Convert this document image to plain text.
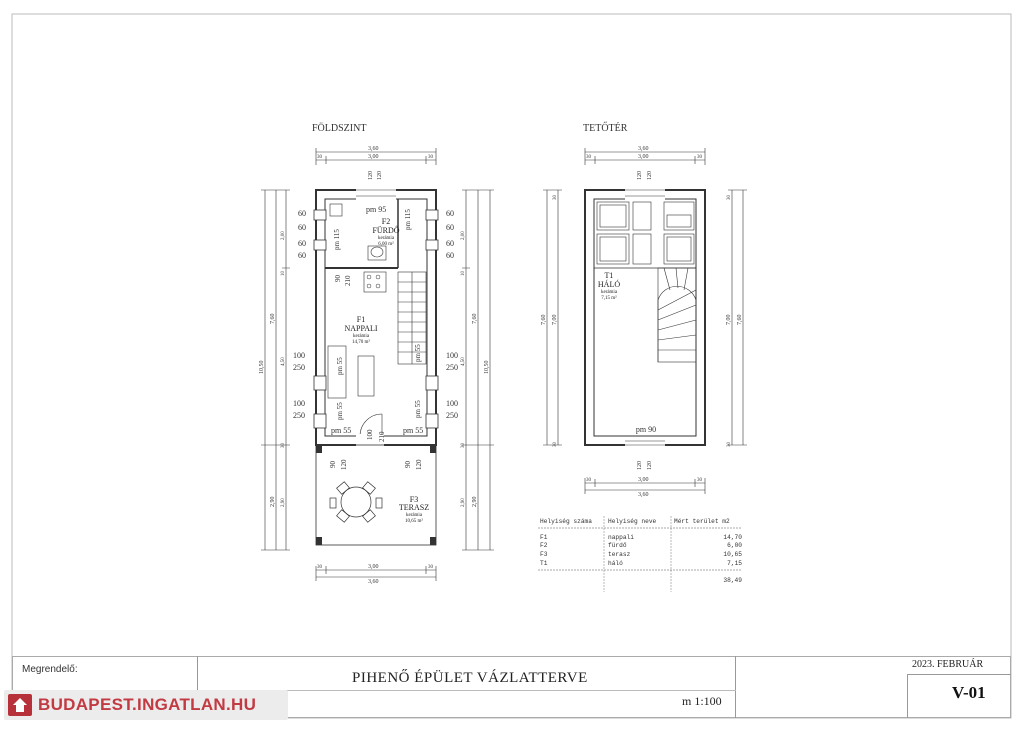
FÖLDSZINT
3,60
3,00
30	30
120 120
3,00
3,60
30	30
10,50
7,60
2,90
2,00
4,50
10
30
2,90
2,00
4,50
10
30
2,90
7,60
2,90
10,50
60
60
60
60
60
60
60
60
100
250
100
250
100
250
100
250
90 210
100 210
90 120	90 120
pm 115
pm 115
pm 55
pm 55
pm 55
pm 55
pm 95
pm 55	pm 55
F2
FÜRDŐ
kerámia
6,00 m²
F1
NAPPALI
kerámia
14,70 m²
F3
TERASZ
kerámia
10,65 m²
TETŐTÉR
3,60
3,00
30	30
120 120
pm 90
120 120
T1
HÁLÓ
kerámia
7,15 m²
7,60 7,00
30
30
7,00 7,60
30
30
3,00
3,60
30	30
Helyiség száma	Helyiség neve	Mért terület m2
F1	nappali	14,70
F2	fürdő	6,00
F3	terasz	10,65
T1	háló	7,15
38,49
Megrendelő:
PIHENŐ ÉPÜLET VÁZLATTERVE
m 1:100
2023. FEBRUÁR
V-01
BUDAPEST.INGATLAN.HU
